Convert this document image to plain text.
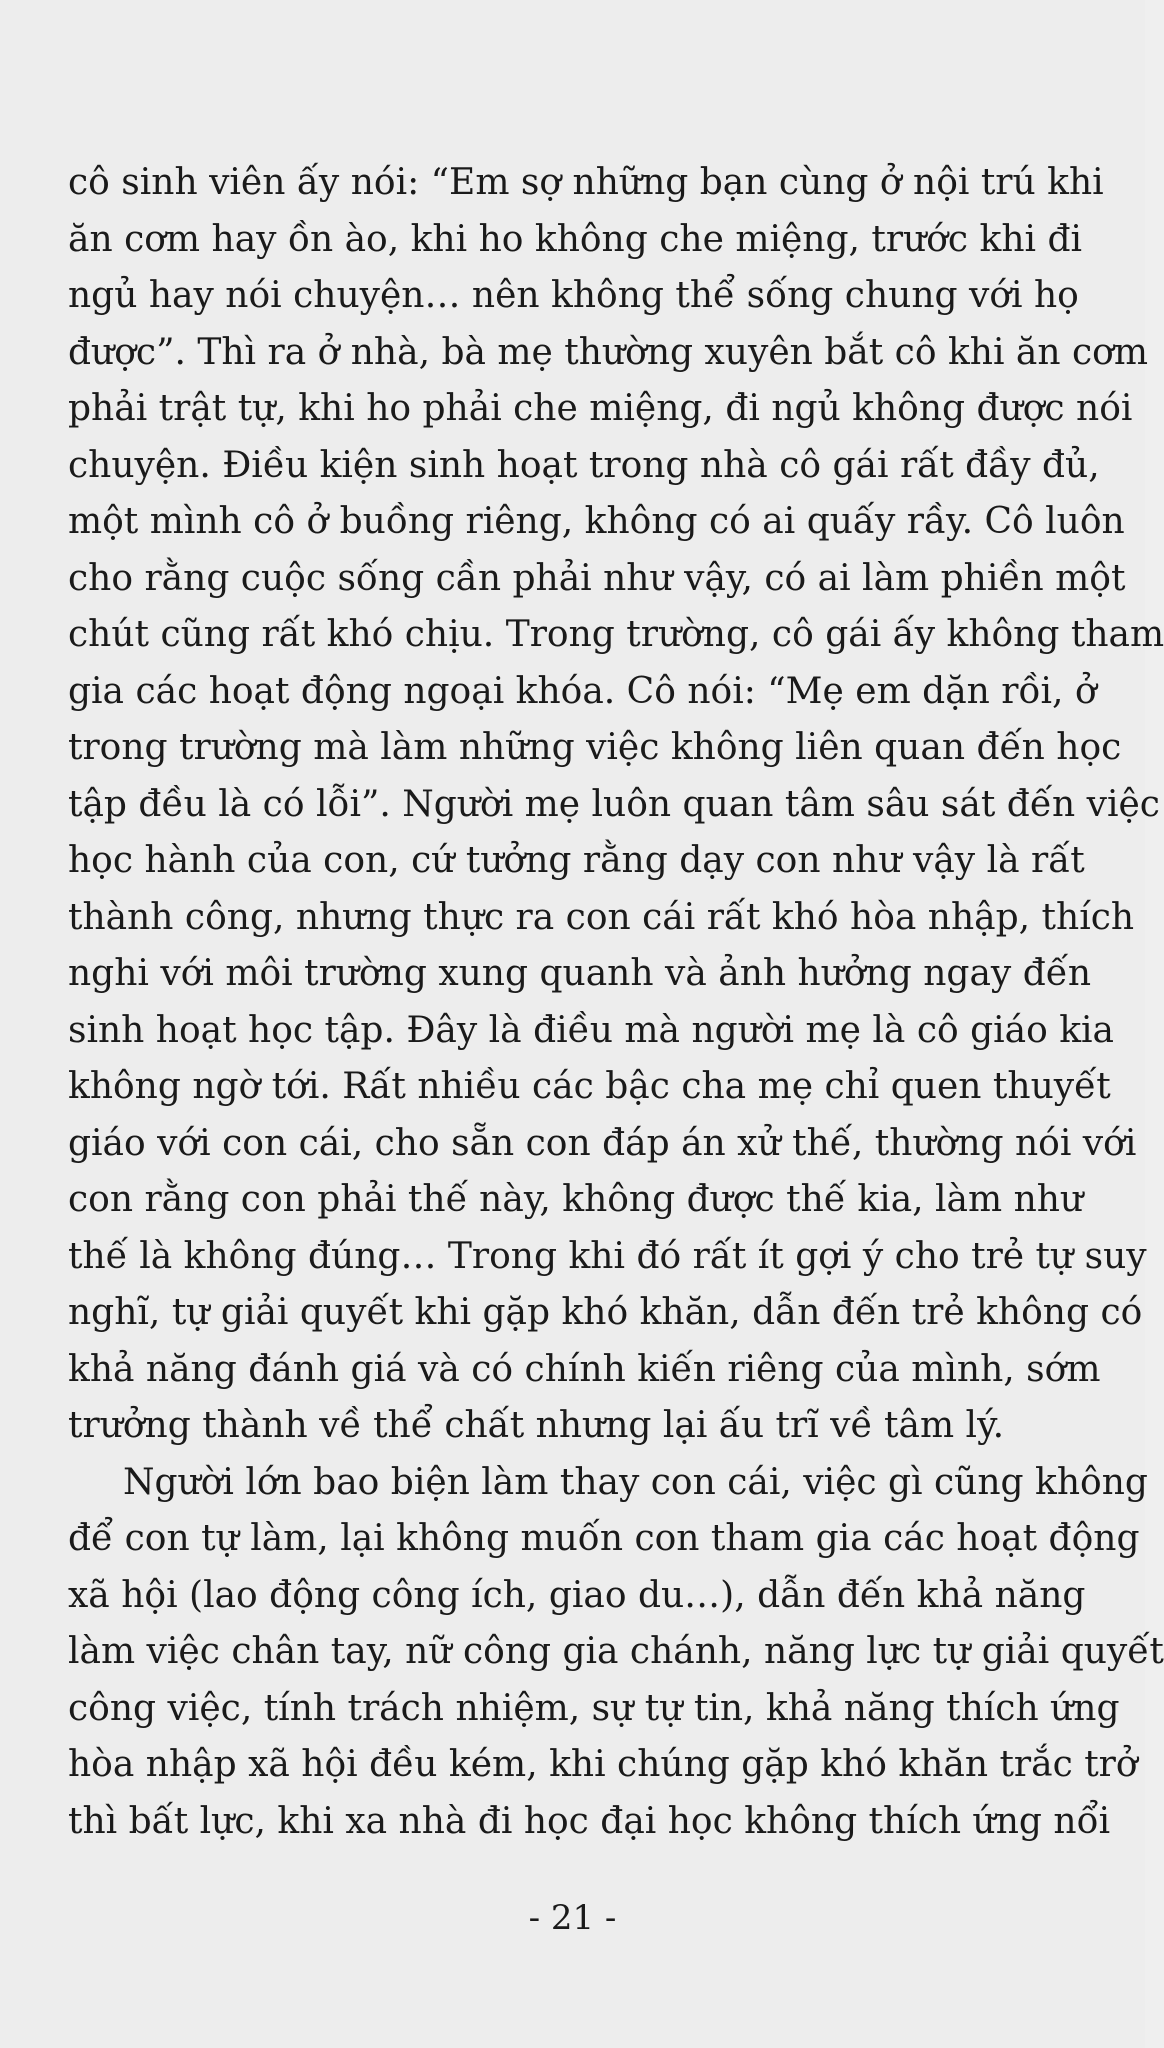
cô sinh viên ấy nói: “Em sợ những bạn cùng ở nội trú khi
ăn cơm hay ồn ào, khi ho không che miệng, trước khi đi
ngủ hay nói chuyện… nên không thể sống chung với họ
được”. Thì ra ở nhà, bà mẹ thường xuyên bắt cô khi ăn cơm
phải trật tự, khi ho phải che miệng, đi ngủ không được nói
chuyện. Điều kiện sinh hoạt trong nhà cô gái rất đầy đủ,
một mình cô ở buồng riêng, không có ai quấy rầy. Cô luôn
cho rằng cuộc sống cần phải như vậy, có ai làm phiền một
chút cũng rất khó chịu. Trong trường, cô gái ấy không tham
gia các hoạt động ngoại khóa. Cô nói: “Mẹ em dặn rồi, ở
trong trường mà làm những việc không liên quan đến học
tập đều là có lỗi”. Người mẹ luôn quan tâm sâu sát đến việc
học hành của con, cứ tưởng rằng dạy con như vậy là rất
thành công, nhưng thực ra con cái rất khó hòa nhập, thích
nghi với môi trường xung quanh và ảnh hưởng ngay đến
sinh hoạt học tập. Đây là điều mà người mẹ là cô giáo kia
không ngờ tới. Rất nhiều các bậc cha mẹ chỉ quen thuyết
giáo với con cái, cho sẵn con đáp án xử thế, thường nói với
con rằng con phải thế này, không được thế kia, làm như
thế là không đúng… Trong khi đó rất ít gợi ý cho trẻ tự suy
nghĩ, tự giải quyết khi gặp khó khăn, dẫn đến trẻ không có
khả năng đánh giá và có chính kiến riêng của mình, sớm
trưởng thành về thể chất nhưng lại ấu trĩ về tâm lý.
Người lớn bao biện làm thay con cái, việc gì cũng không
để con tự làm, lại không muốn con tham gia các hoạt động
xã hội (lao động công ích, giao du…), dẫn đến khả năng
làm việc chân tay, nữ công gia chánh, năng lực tự giải quyết
công việc, tính trách nhiệm, sự tự tin, khả năng thích ứng
hòa nhập xã hội đều kém, khi chúng gặp khó khăn trắc trở
thì bất lực, khi xa nhà đi học đại học không thích ứng nổi
- 21 -
